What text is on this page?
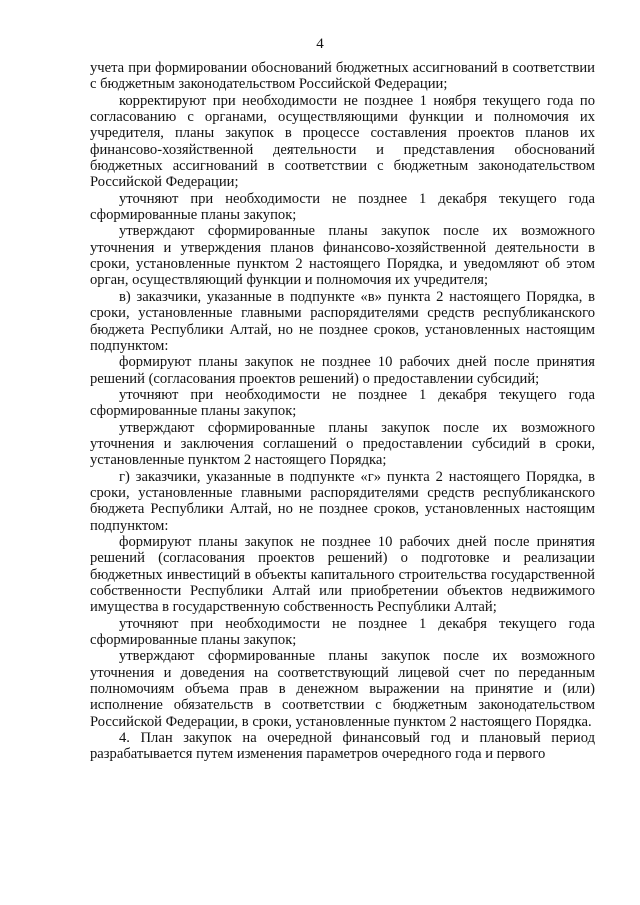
4

учета при формировании обоснований бюджетных ассигнований в соответствии с бюджетным законодательством Российской Федерации;

корректируют при необходимости не позднее 1 ноября текущего года по согласованию с органами, осуществляющими функции и полномочия их учредителя, планы закупок в процессе составления проектов планов их финансово-хозяйственной деятельности и представления обоснований бюджетных ассигнований в соответствии с бюджетным законодательством Российской Федерации;

уточняют при необходимости не позднее 1 декабря текущего года сформированные планы закупок;

утверждают сформированные планы закупок после их возможного уточнения и утверждения планов финансово-хозяйственной деятельности в сроки, установленные пунктом 2 настоящего Порядка, и уведомляют об этом орган, осуществляющий функции и полномочия их учредителя;

в) заказчики, указанные в подпункте «в» пункта 2 настоящего Порядка, в сроки, установленные главными распорядителями средств республиканского бюджета Республики Алтай, но не позднее сроков, установленных настоящим подпунктом:

формируют планы закупок не позднее 10 рабочих дней после принятия решений (согласования проектов решений) о предоставлении субсидий;

уточняют при необходимости не позднее 1 декабря текущего года сформированные планы закупок;

утверждают сформированные планы закупок после их возможного уточнения и заключения соглашений о предоставлении субсидий в сроки, установленные пунктом 2 настоящего Порядка;

г) заказчики, указанные в подпункте «г» пункта 2 настоящего Порядка, в сроки, установленные главными распорядителями средств республиканского бюджета Республики Алтай, но не позднее сроков, установленных настоящим подпунктом:

формируют планы закупок не позднее 10 рабочих дней после принятия решений (согласования проектов решений) о подготовке и реализации бюджетных инвестиций в объекты капитального строительства государственной собственности Республики Алтай или приобретении объектов недвижимого имущества в государственную собственность Республики Алтай;

уточняют при необходимости не позднее 1 декабря текущего года сформированные планы закупок;

утверждают сформированные планы закупок после их возможного уточнения и доведения на соответствующий лицевой счет по переданным полномочиям объема прав в денежном выражении на принятие и (или) исполнение обязательств в соответствии с бюджетным законодательством Российской Федерации, в сроки, установленные пунктом 2 настоящего Порядка.

4. План закупок на очередной финансовый год и плановый период разрабатывается путем изменения параметров очередного года и первого
